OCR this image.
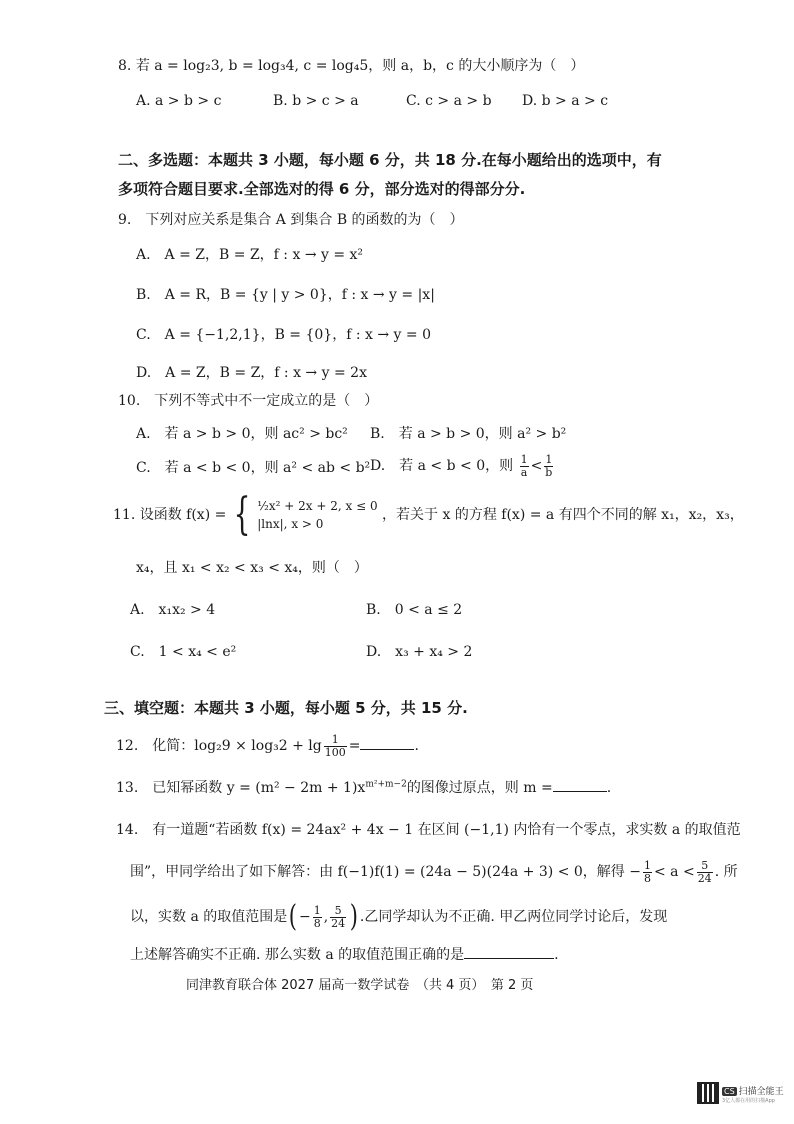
8. 若 a = log₂3, b = log₃4, c = log₄5，则 a，b，c 的大小顺序为（　）
A. a > b > c	B. b > c > a	C. c > a > b D. b > a > c
二、多选题：本题共 3 小题，每小题 6 分，共 18 分.在每小题给出的选项中，有
多项符合题目要求.全部选对的得 6 分，部分选对的得部分分.
9.　下列对应关系是集合 A 到集合 B 的函数的为（　）
A.　A = Z，B = Z，f : x → y = x²
B.　A = R，B = {y | y > 0}，f : x → y = |x|
C.　A = {−1,2,1}，B = {0}，f : x → y = 0
D.　A = Z，B = Z，f : x → y = 2x
10.　下列不等式中不一定成立的是（　）
A.　若 a > b > 0，则 ac² > bc² B.　若 a > b > 0，则 a² > b²
C.　若 a < b < 0，则 a² < ab < b² D.　若 a < b < 0，则 $\frac{1}{a} < \frac{1}{b}$
11. 设函数 f(x) = { ½x² + 2x + 2, x ≤ 0
|lnx|, x > 0
，若关于 x 的方程 f(x) = a 有四个不同的解 x₁，x₂，x₃，
x₄，且 x₁ < x₂ < x₃ < x₄，则（　）
A.　x₁x₂ > 4	B.　0 < a ≤ 2
C.　1 < x₄ < e²	D.　x₃ + x₄ > 2
三、填空题：本题共 3 小题，每小题 5 分，共 15 分.
12.　化简：$\log_29 \times \log_32 + \lg \frac{1}{100}$ =	.
13.　已知幂函数 $y = (m^2 - 2m + 1)x^{m^2+m-2}$的图像过原点，则 m =	.
14.　有一道题“若函数 f(x) = 24ax² + 4x − 1 在区间 (−1,1) 内恰有一个零点，求实数 a 的取值范
围”，甲同学给出了如下解答：由 f(−1)f(1) = (24a − 5)(24a + 3) < 0，解得 − $\frac{1}{8} < a < \frac{5}{24}$ . 所
以，实数 a 的取值范围是( − $\frac{1}{8}$ , $\frac{5}{24}$ ) .乙同学却认为不正确. 甲乙两位同学讨论后，发现
上述解答确实不正确. 那么实数 a 的取值范围正确的是	.
同津教育联合体 2027 届高一数学试卷　（共 4 页）　第 2 页
CS 扫描全能王
3亿人都在用的扫描App
